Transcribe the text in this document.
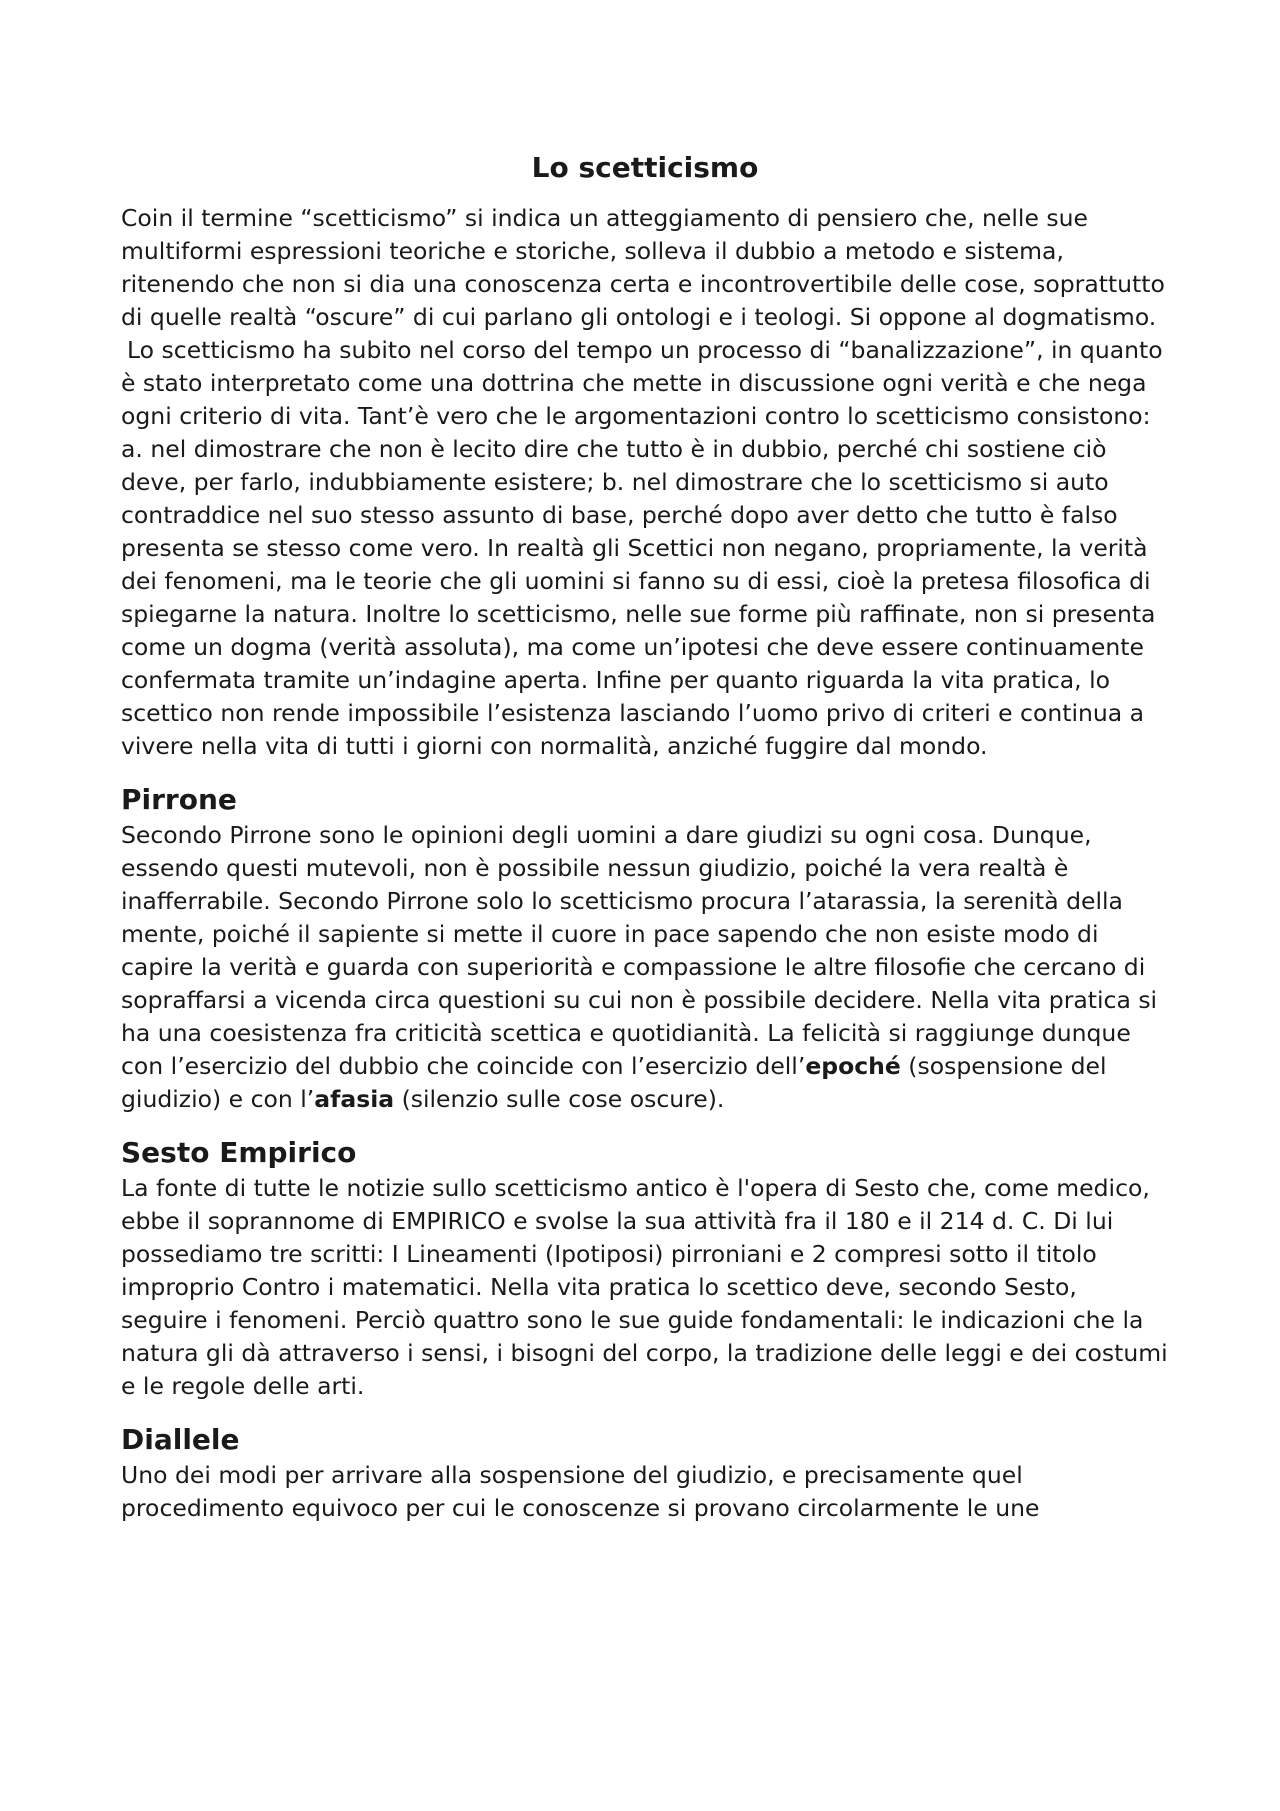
Lo scetticismo

Coin il termine “scetticismo” si indica un atteggiamento di pensiero che, nelle sue multiformi espressioni teoriche e storiche, solleva il dubbio a metodo e sistema, ritenendo che non si dia una conoscenza certa e incontrovertibile delle cose, soprattutto di quelle realtà “oscure” di cui parlano gli ontologi e i teologi. Si oppone al dogmatismo.

Lo scetticismo ha subito nel corso del tempo un processo di “banalizzazione”, in quanto è stato interpretato come una dottrina che mette in discussione ogni verità e che nega ogni criterio di vita. Tant’è vero che le argomentazioni contro lo scetticismo consistono: a. nel dimostrare che non è lecito dire che tutto è in dubbio, perché chi sostiene ciò deve, per farlo, indubbiamente esistere; b. nel dimostrare che lo scetticismo si auto contraddice nel suo stesso assunto di base, perché dopo aver detto che tutto è falso presenta se stesso come vero. In realtà gli Scettici non negano, propriamente, la verità dei fenomeni, ma le teorie che gli uomini si fanno su di essi, cioè la pretesa filosofica di spiegarne la natura. Inoltre lo scetticismo, nelle sue forme più raffinate, non si presenta come un dogma (verità assoluta), ma come un’ipotesi che deve essere continuamente confermata tramite un’indagine aperta. Infine per quanto riguarda la vita pratica, lo scettico non rende impossibile l’esistenza lasciando l’uomo privo di criteri e continua a vivere nella vita di tutti i giorni con normalità, anziché fuggire dal mondo.

Pirrone

Secondo Pirrone sono le opinioni degli uomini a dare giudizi su ogni cosa. Dunque, essendo questi mutevoli, non è possibile nessun giudizio, poiché la vera realtà è inafferrabile. Secondo Pirrone solo lo scetticismo procura l’atarassia, la serenità della mente, poiché il sapiente si mette il cuore in pace sapendo che non esiste modo di capire la verità e guarda con superiorità e compassione le altre filosofie che cercano di sopraffarsi a vicenda circa questioni su cui non è possibile decidere. Nella vita pratica si ha una coesistenza fra criticità scettica e quotidianità. La felicità si raggiunge dunque con l’esercizio del dubbio che coincide con l’esercizio dell’epoché (sospensione del giudizio) e con l’afasia (silenzio sulle cose oscure).

Sesto Empirico

La fonte di tutte le notizie sullo scetticismo antico è l'opera di Sesto che, come medico, ebbe il soprannome di EMPIRICO e svolse la sua attività fra il 180 e il 214 d. C. Di lui possediamo tre scritti: I Lineamenti (Ipotiposi) pirroniani e 2 compresi sotto il titolo improprio Contro i matematici. Nella vita pratica lo scettico deve, secondo Sesto, seguire i fenomeni. Perciò quattro sono le sue guide fondamentali: le indicazioni che la natura gli dà attraverso i sensi, i bisogni del corpo, la tradizione delle leggi e dei costumi e le regole delle arti.

Diallele

Uno dei modi per arrivare alla sospensione del giudizio, e precisamente quel procedimento equivoco per cui le conoscenze si provano circolarmente le une
